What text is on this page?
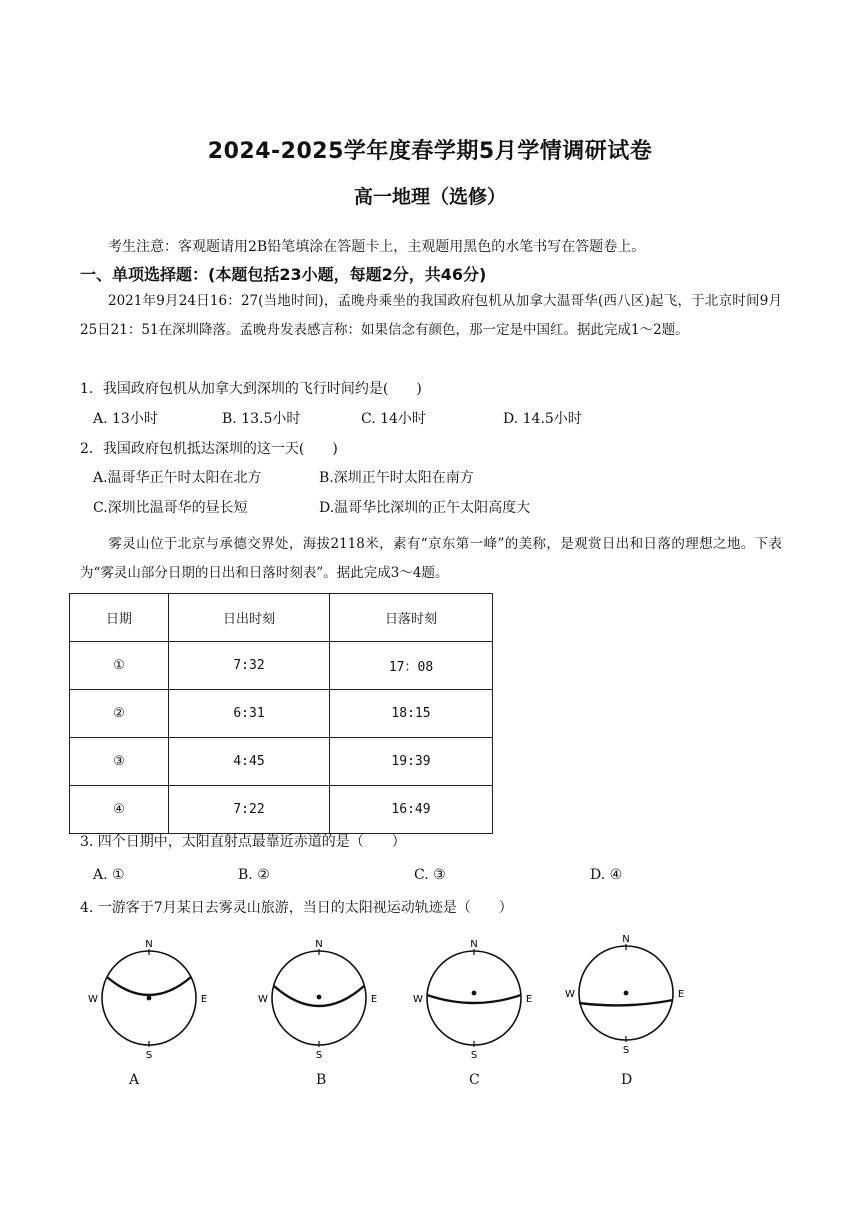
2024-2025学年度春学期5月学情调研试卷
高一地理（选修）
考生注意：客观题请用2B铅笔填涂在答题卡上，主观题用黑色的水笔书写在答题卷上。
一、单项选择题：(本题包括23小题，每题2分，共46分)
2021年9月24日16：27(当地时间)，孟晚舟乘坐的我国政府包机从加拿大温哥华(西八区)起飞，于北京时间9月25日21：51在深圳降落。孟晚舟发表感言称：如果信念有颜色，那一定是中国红。据此完成1～2题。
1．我国政府包机从加拿大到深圳的飞行时间约是(　　)
A. 13小时	B. 13.5小时	C. 14小时	D. 14.5小时
2．我国政府包机抵达深圳的这一天(　　)
A.温哥华正午时太阳在北方	B.深圳正午时太阳在南方
C.深圳比温哥华的昼长短	D.温哥华比深圳的正午太阳高度大
雾灵山位于北京与承德交界处，海拔2118米，素有“京东第一峰”的美称，是观赏日出和日落的理想之地。下表为“雾灵山部分日期的日出和日落时刻表”。据此完成3～4题。
日期	日出时刻	日落时刻
①	7:32	17：08
②	6:31	18:15
③	4:45	19:39
④	7:22	16:49
3. 四个日期中，太阳直射点最靠近赤道的是（　　）
A. ①	B. ②	C. ③	D. ④
4. 一游客于7月某日去雾灵山旅游，当日的太阳视运动轨迹是（　　）
N
S
W	E
A
N
S
W	E
B
N
S
W	E
C
N
S
W	E
D
